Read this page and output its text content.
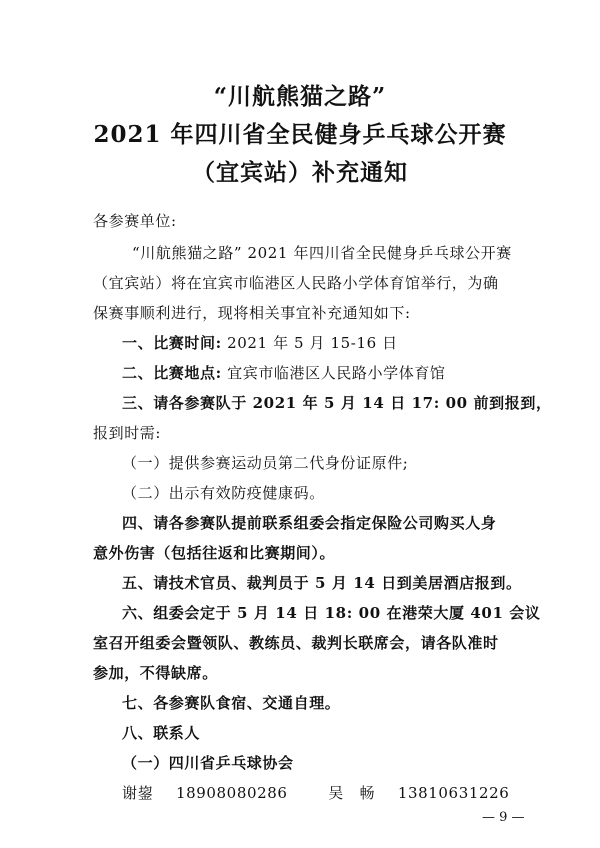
“川航熊猫之路”
2021 年四川省全民健身乒乓球公开赛
（宜宾站）补充通知
各参赛单位:
“川航熊猫之路” 2021 年四川省全民健身乒乓球公开赛
（宜宾站）将在宜宾市临港区人民路小学体育馆举行，为确
保赛事顺利进行，现将相关事宜补充通知如下:
一、比赛时间: 2021 年 5 月 15-16 日
二、比赛地点: 宜宾市临港区人民路小学体育馆
三、请各参赛队于 2021 年 5 月 14 日 17: 00 前到报到，
报到时需:
（一）提供参赛运动员第二代身份证原件;
（二）出示有效防疫健康码。
四、请各参赛队提前联系组委会指定保险公司购买人身
意外伤害（包括往返和比赛期间）。
五、请技术官员、裁判员于 5 月 14 日到美居酒店报到。
六、组委会定于 5 月 14 日 18: 00 在港荣大厦 401 会议
室召开组委会暨领队、教练员、裁判长联席会，请各队准时
参加，不得缺席。
七、各参赛队食宿、交通自理。
八、联系人
（一）四川省乒乓球协会
谢鋆 18908080286	吴　畅 13810631226
— 9 —
